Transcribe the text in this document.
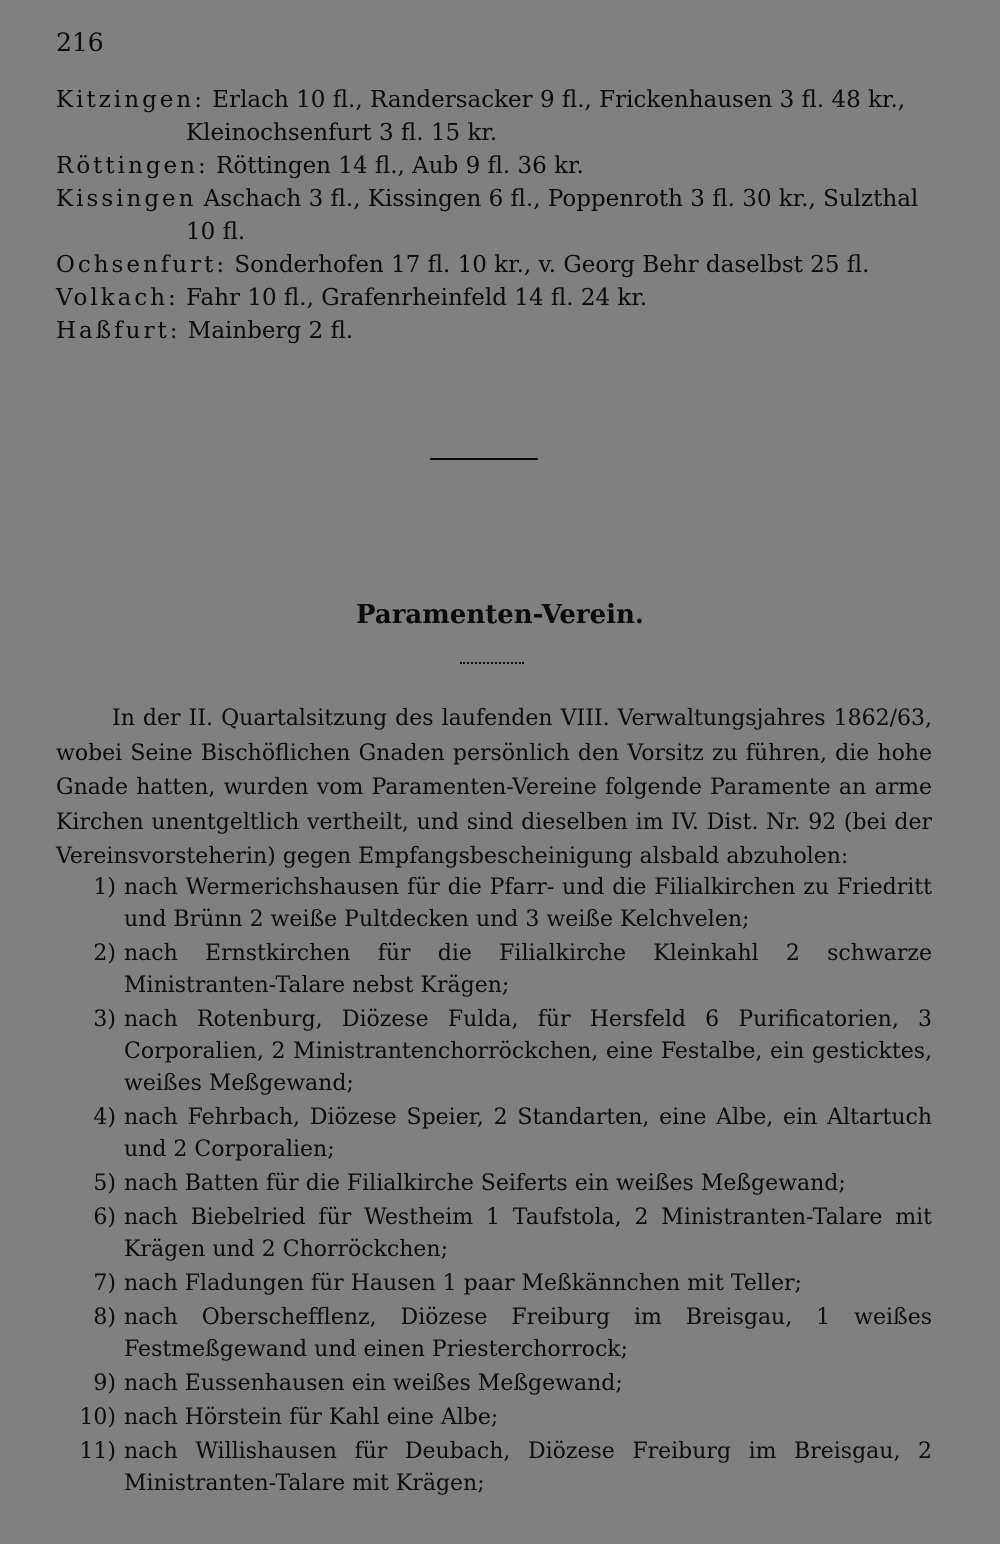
216

Kitzingen: Erlach 10 fl., Randersacker 9 fl., Frickenhausen 3 fl. 48 kr.,

Kleinochsenfurt 3 fl. 15 kr.

Röttingen: Röttingen 14 fl., Aub 9 fl. 36 kr.

Kissingen Aschach 3 fl., Kissingen 6 fl., Poppenroth 3 fl. 30 kr., Sulzthal

10 fl.

Ochsenfurt: Sonderhofen 17 fl. 10 kr., v. Georg Behr daselbst 25 fl.

Volkach: Fahr 10 fl., Grafenrheinfeld 14 fl. 24 kr.

Haßfurt: Mainberg 2 fl.

Paramenten-Verein.

In der II. Quartalsitzung des laufenden VIII. Verwaltungsjahres 1862/63, wobei Seine Bischöflichen Gnaden persönlich den Vorsitz zu führen, die hohe Gnade hatten, wurden vom Paramenten-Vereine folgende Paramente an arme Kirchen unentgeltlich vertheilt, und sind dieselben im IV. Dist. Nr. 92 (bei der Vereinsvorsteherin) gegen Empfangsbescheinigung alsbald abzuholen:

1) nach Wermerichshausen für die Pfarr- und die Filialkirchen zu Friedritt und Brünn 2 weiße Pultdecken und 3 weiße Kelchvelen;
2) nach Ernstkirchen für die Filialkirche Kleinkahl 2 schwarze Ministranten-Talare nebst Krägen;
3) nach Rotenburg, Diözese Fulda, für Hersfeld 6 Purificatorien, 3 Corporalien, 2 Ministrantenchorröckchen, eine Festalbe, ein gesticktes, weißes Meßgewand;
4) nach Fehrbach, Diözese Speier, 2 Standarten, eine Albe, ein Altartuch und 2 Corporalien;
5) nach Batten für die Filialkirche Seiferts ein weißes Meßgewand;
6) nach Biebelried für Westheim 1 Taufstola, 2 Ministranten-Talare mit Krägen und 2 Chorröckchen;
7) nach Fladungen für Hausen 1 paar Meßkännchen mit Teller;
8) nach Oberschefflenz, Diözese Freiburg im Breisgau, 1 weißes Festmeßgewand und einen Priesterchorrock;
9) nach Eussenhausen ein weißes Meßgewand;
10) nach Hörstein für Kahl eine Albe;
11) nach Willishausen für Deubach, Diözese Freiburg im Breisgau, 2 Ministranten-Talare mit Krägen;
